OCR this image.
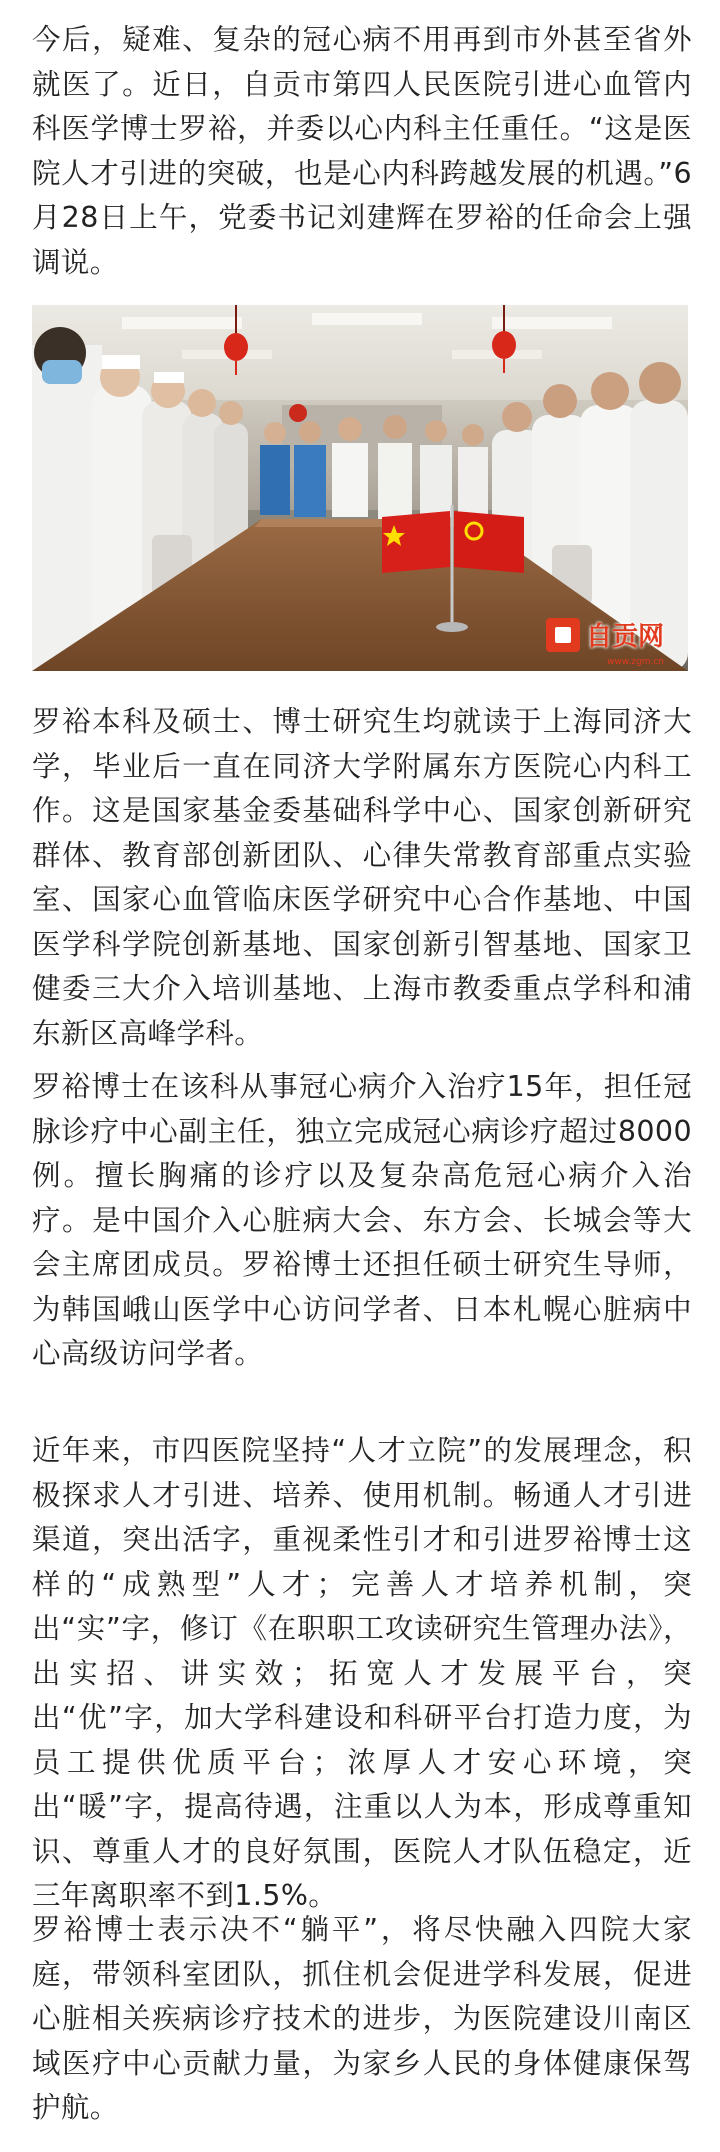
今后，疑难、复杂的冠心病不用再到市外甚至省外就医了。近日，自贡市第四人民医院引进心血管内科医学博士罗裕，并委以心内科主任重任。“这是医院人才引进的突破，也是心内科跨越发展的机遇。”6月28日上午，党委书记刘建辉在罗裕的任命会上强调说。

罗裕本科及硕士、博士研究生均就读于上海同济大学，毕业后一直在同济大学附属东方医院心内科工作。这是国家基金委基础科学中心、国家创新研究群体、教育部创新团队、心律失常教育部重点实验室、国家心血管临床医学研究中心合作基地、中国医学科学院创新基地、国家创新引智基地、国家卫健委三大介入培训基地、上海市教委重点学科和浦东新区高峰学科。

罗裕博士在该科从事冠心病介入治疗15年，担任冠脉诊疗中心副主任，独立完成冠心病诊疗超过8000例。擅长胸痛的诊疗以及复杂高危冠心病介入治疗。是中国介入心脏病大会、东方会、长城会等大会主席团成员。罗裕博士还担任硕士研究生导师，为韩国峨山医学中心访问学者、日本札幌心脏病中心高级访问学者。

近年来，市四医院坚持“人才立院”的发展理念，积极探求人才引进、培养、使用机制。畅通人才引进渠道，突出活字，重视柔性引才和引进罗裕博士这样的“成熟型”人才；完善人才培养机制，突出“实”字，修订《在职职工攻读研究生管理办法》，出实招、讲实效；拓宽人才发展平台，突出“优”字，加大学科建设和科研平台打造力度，为员工提供优质平台；浓厚人才安心环境，突出“暖”字，提高待遇，注重以人为本，形成尊重知识、尊重人才的良好氛围，医院人才队伍稳定，近三年离职率不到1.5%。

罗裕博士表示决不“躺平”，将尽快融入四院大家庭，带领科室团队，抓住机会促进学科发展，促进心脏相关疾病诊疗技术的进步，为医院建设川南区域医疗中心贡献力量，为家乡人民的身体健康保驾护航。

自贡网
www.zgm.cn
